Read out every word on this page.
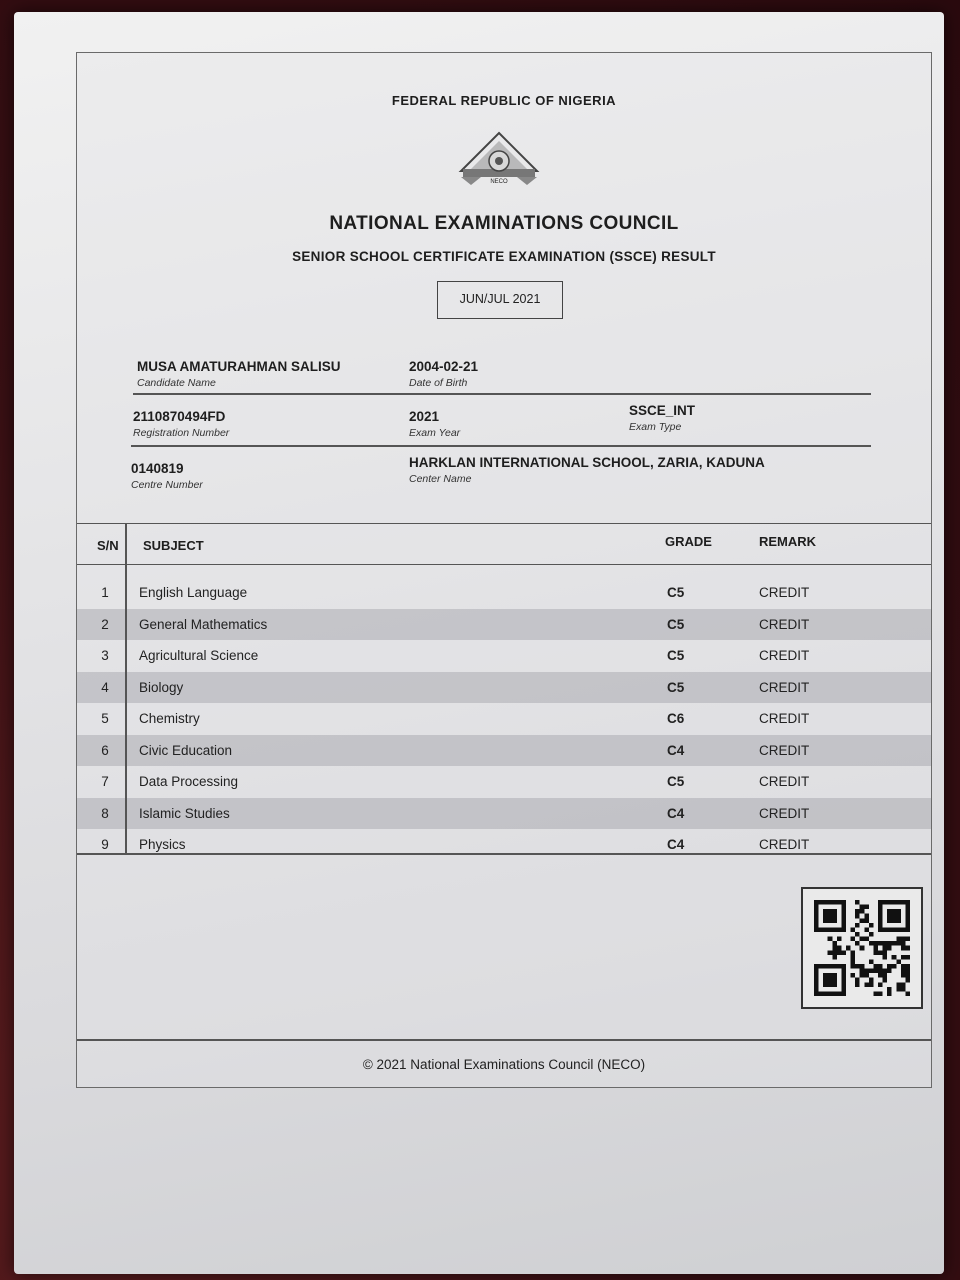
FEDERAL REPUBLIC OF NIGERIA
NECO
NATIONAL EXAMINATIONS COUNCIL
SENIOR SCHOOL CERTIFICATE EXAMINATION (SSCE) RESULT
JUN/JUL 2021
MUSA AMATURAHMAN SALISU
Candidate Name
2004-02-21
Date of Birth
2110870494FD
Registration Number
2021
Exam Year
SSCE_INT
Exam Type
0140819
Centre Number
HARKLAN INTERNATIONAL SCHOOL, ZARIA, KADUNA
Center Name
S/N SUBJECT	GRADE	REMARK
1	English Language	C5	CREDIT
2	General Mathematics	C5	CREDIT
3	Agricultural Science	C5	CREDIT
4	Biology	C5	CREDIT
5	Chemistry	C6	CREDIT
6	Civic Education	C4	CREDIT
7	Data Processing	C5	CREDIT
8	Islamic Studies	C4	CREDIT
9	Physics	C4	CREDIT
© 2021 National Examinations Council (NECO)
